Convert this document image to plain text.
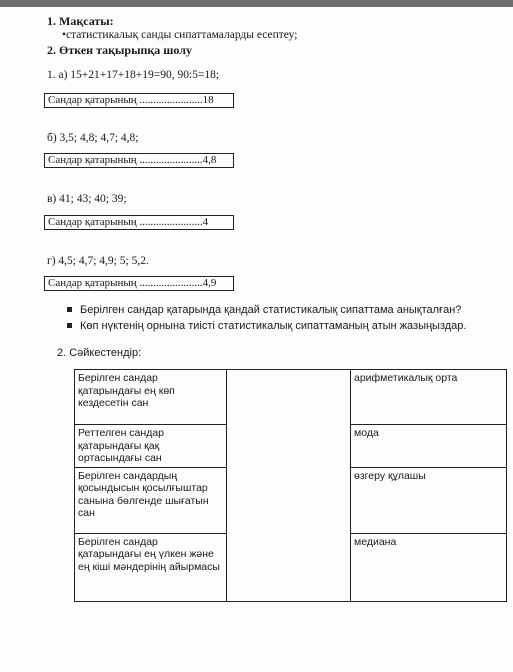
1. Мақсаты:
•статистикалық санды сипаттамаларды есептеу;
2. Өткен тақырыпқа шолу
1. а) 15+21+17+18+19=90, 90:5=18;
Сандар қатарының .......................18
б) 3,5; 4,8; 4,7; 4,8;
Сандар қатарының .......................4,8
в) 41; 43; 40; 39;
Сандар қатарының .......................4
г) 4,5; 4,7; 4,9; 5; 5,2.
Сандар қатарының .......................4,9
Берілген сандар қатарында қандай статистикалық сипаттама анықталған?
Көп нүктенің орнына тиісті статистикалық сипаттаманың атын жазыңыздар.
2. Сәйкестендір:
Берілген сандар қатарындағы ең көп кездесетін сан		арифметикалық орта
Реттелген сандар қатарындағы қақ ортасындағы сан		мода
Берілген сандардың қосындысын қосылғыштар санына бөлгенде шығатын сан		өзгеру құлашы
Берілген сандар қатарындағы ең үлкен және ең кіші мәндерінің айырмасы		медиана
